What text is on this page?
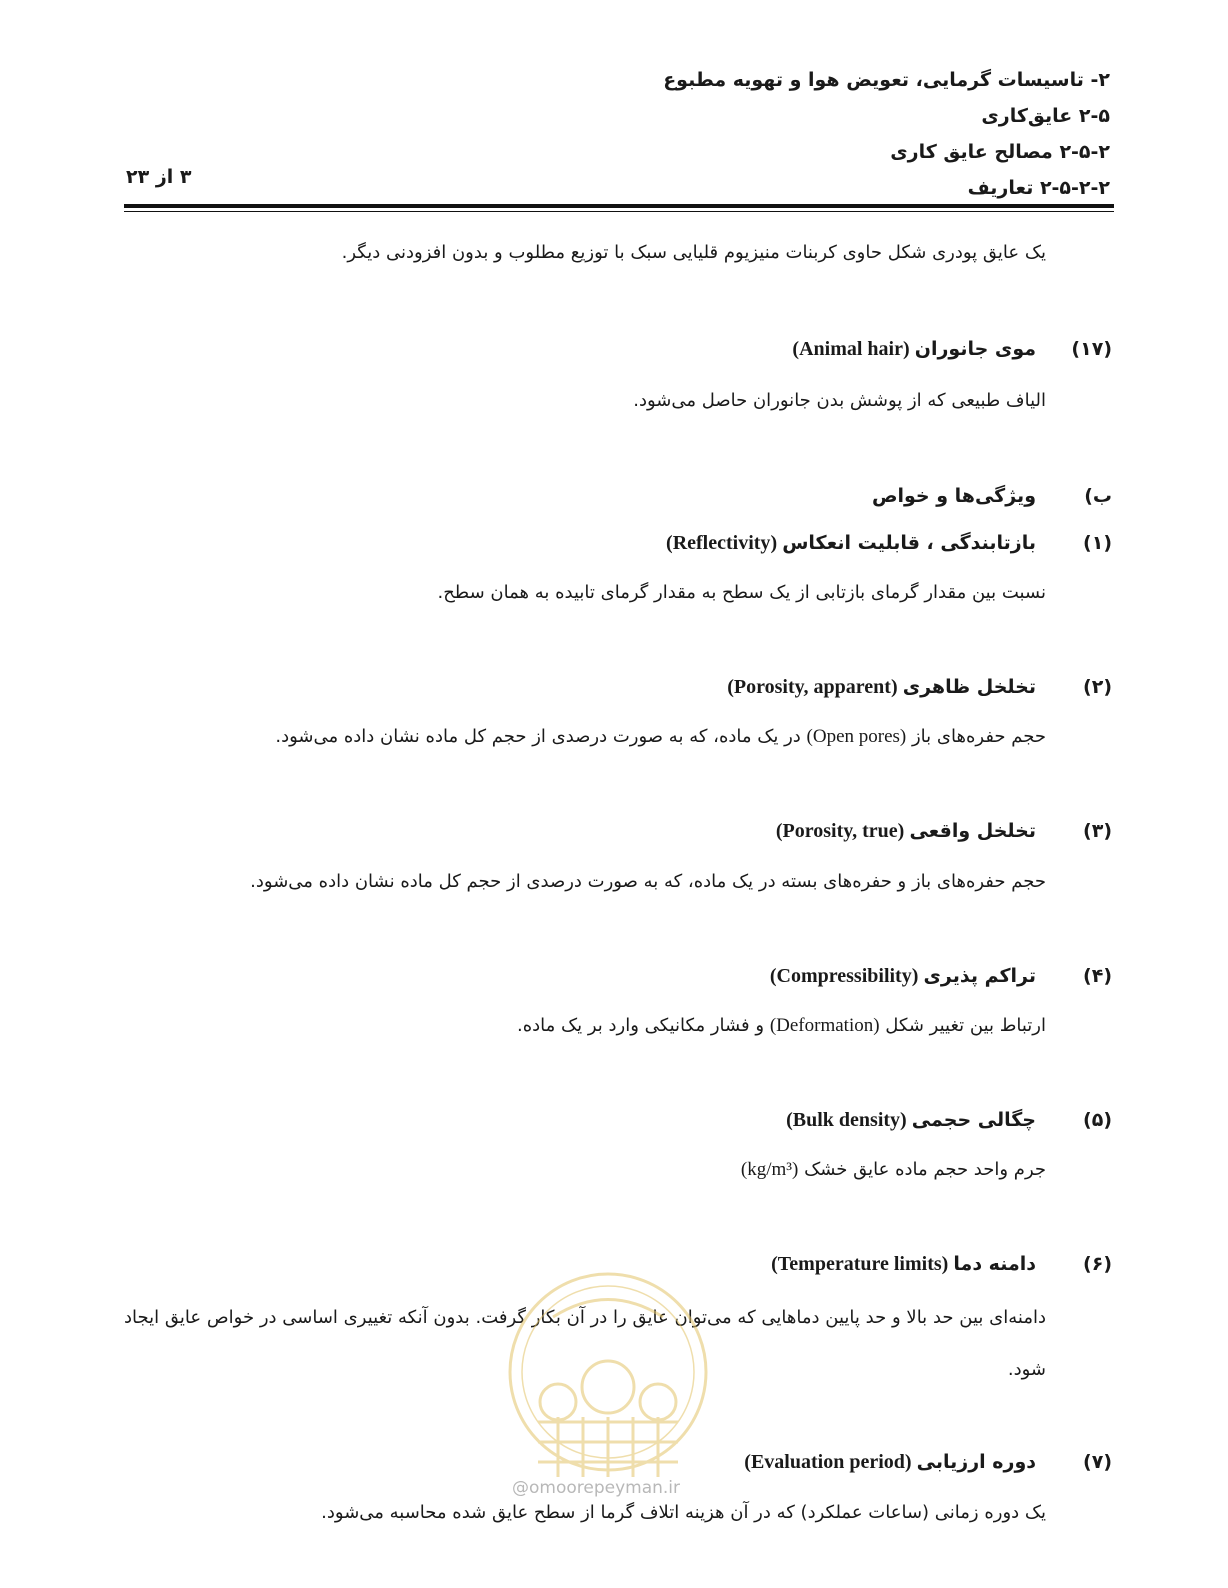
۲- تاسیسات گرمایی، تعویض هوا و تهویه مطبوع
۲-۵ عایق‌کاری
۲-۵-۲ مصالح عایق کاری
۲-۵-۲-۲ تعاریف
۳ از ۲۳
یک عایق پودری شکل حاوی کربنات منیزیوم قلیایی سبک با توزیع مطلوب و بدون افزودنی دیگر.
(۱۷)
موی جانوران

(Animal hair)
الیاف طبیعی که از پوشش بدن جانوران حاصل می‌شود.
ب)
ویژگی‌ها و خواص
(۱)
بازتابندگی ، قابلیت انعکاس

(Reflectivity)
نسبت بین مقدار گرمای بازتابی از یک سطح به مقدار گرمای تابیده به همان سطح.
(۲)
تخلخل ظاهری

(Porosity, apparent)
حجم حفره‌های باز (Open pores) در یک ماده، که به صورت درصدی از حجم کل ماده نشان داده می‌شود.
(۳)
تخلخل واقعی

(Porosity, true)
حجم حفره‌های باز و حفره‌های بسته در یک ماده، که به صورت درصدی از حجم کل ماده نشان داده می‌شود.
(۴)
تراکم پذیری

(Compressibility)
ارتباط بین تغییر شکل (Deformation) و فشار مکانیکی وارد بر یک ماده.
(۵)
چگالی حجمی

(Bulk density)
جرم واحد حجم ماده عایق خشک (kg/m³)
(۶)
دامنه دما

(Temperature limits)
دامنه‌ای بین حد بالا و حد پایین دماهایی که می‌توان عایق را در آن بکار گرفت. بدون آنکه تغییری اساسی در خواص عایق ایجاد شود.
(۷)
دوره ارزیابی

(Evaluation period)
یک دوره زمانی (ساعات عملکرد) که در آن هزینه اتلاف گرما از سطح عایق شده محاسبه می‌شود.
@omoorepeyman.ir
